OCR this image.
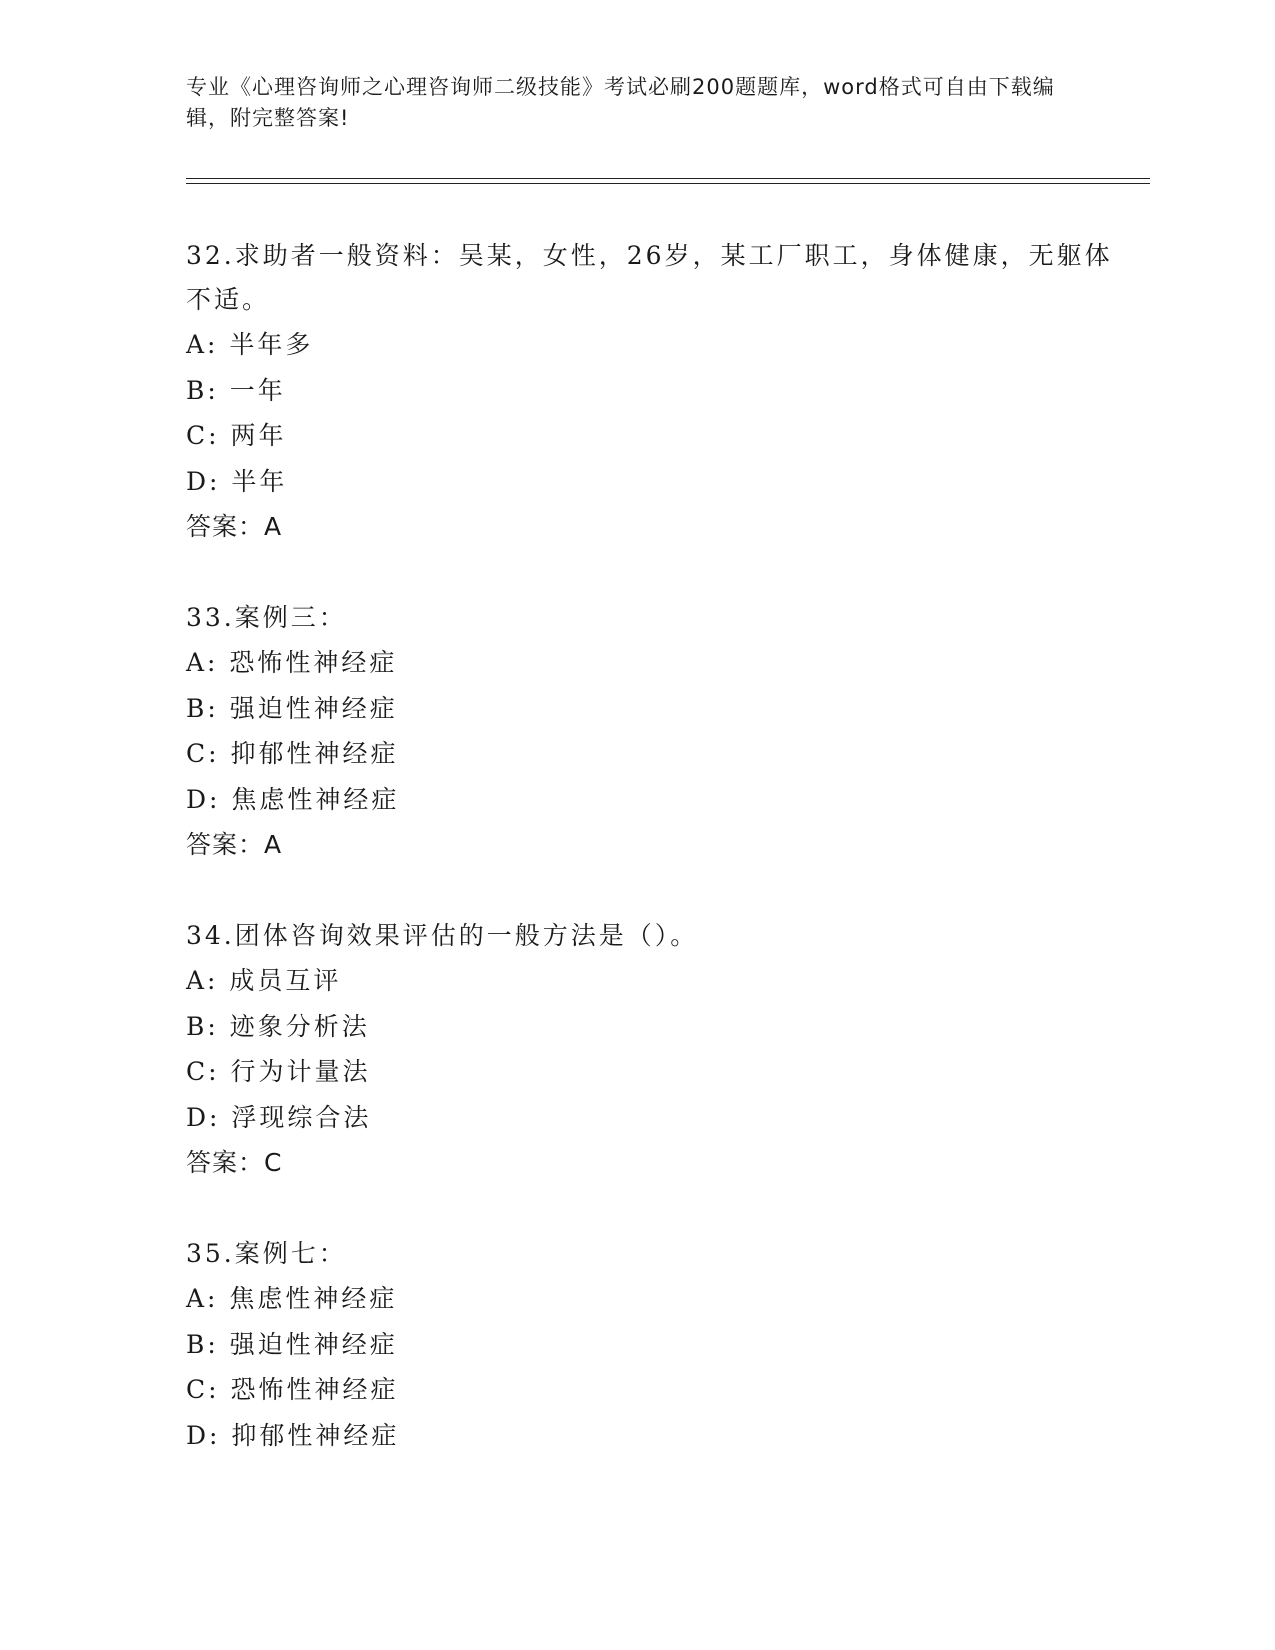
专业《心理咨询师之心理咨询师二级技能》考试必刷200题题库，word格式可自由下载编辑，附完整答案!

32.求助者一般资料：吴某，女性，26岁，某工厂职工，身体健康，无躯体不适。

A: 半年多

B: 一年

C: 两年

D: 半年

答案：A

33.案例三：

A: 恐怖性神经症

B: 强迫性神经症

C: 抑郁性神经症

D: 焦虑性神经症

答案：A

34.团体咨询效果评估的一般方法是（）。

A: 成员互评

B: 迹象分析法

C: 行为计量法

D: 浮现综合法

答案：C

35.案例七：

A: 焦虑性神经症

B: 强迫性神经症

C: 恐怖性神经症

D: 抑郁性神经症
